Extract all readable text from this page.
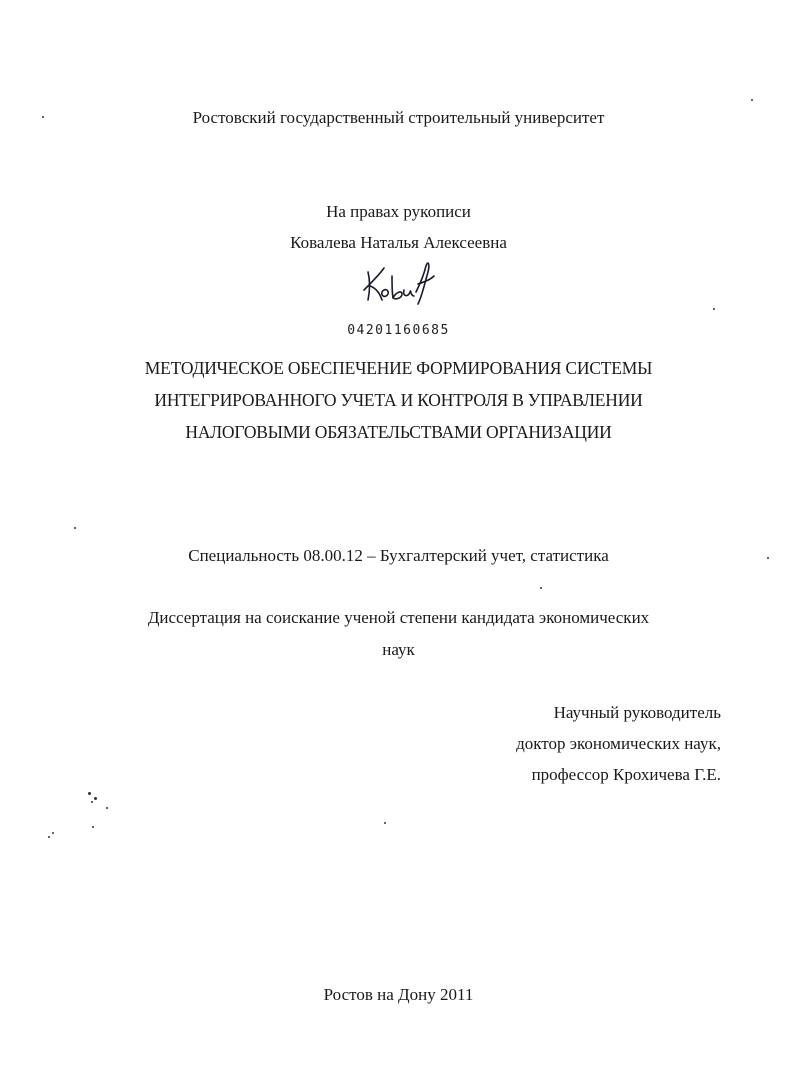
Ростовский государственный строительный университет
На правах рукописи
Ковалева Наталья Алексеевна
04201160685
МЕТОДИЧЕСКОЕ ОБЕСПЕЧЕНИЕ ФОРМИРОВАНИЯ СИСТЕМЫ
ИНТЕГРИРОВАННОГО УЧЕТА И КОНТРОЛЯ В УПРАВЛЕНИИ
НАЛОГОВЫМИ ОБЯЗАТЕЛЬСТВАМИ ОРГАНИЗАЦИИ
Специальность 08.00.12 – Бухгалтерский учет, статистика
Диссертация на соискание ученой степени кандидата экономических
наук
Научный руководитель
доктор экономических наук,
профессор Крохичева Г.Е.
Ростов на Дону 2011
